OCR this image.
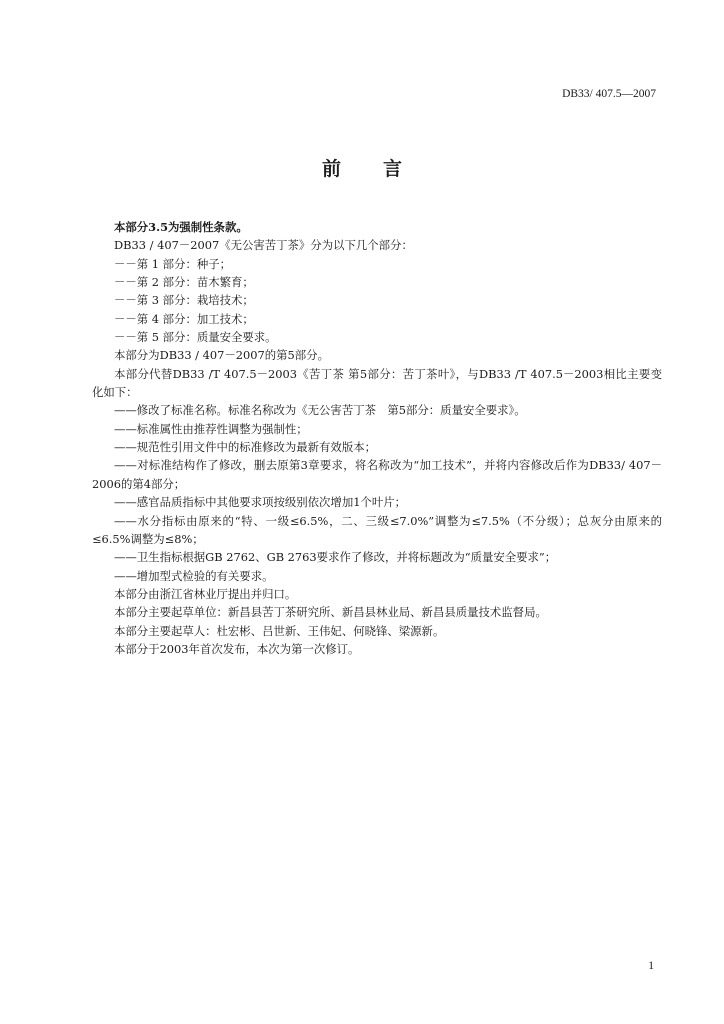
DB33/ 407.5—2007
前言

本部分3.5为强制性条款。

DB33 / 407－2007《无公害苦丁茶》分为以下几个部分：

－－第 1 部分：种子；

－－第 2 部分：苗木繁育；

－－第 3 部分：栽培技术；

－－第 4 部分：加工技术；

－－第 5 部分：质量安全要求。

本部分为DB33 / 407－2007的第5部分。

本部分代替DB33 /T 407.5－2003《苦丁茶 第5部分：苦丁茶叶》，与DB33 /T 407.5－2003相比主要变化如下：

——修改了标准名称。标准名称改为《无公害苦丁茶　第5部分：质量安全要求》。

——标准属性由推荐性调整为强制性；

——规范性引用文件中的标准修改为最新有效版本；

——对标准结构作了修改，删去原第3章要求，将名称改为“加工技术”，并将内容修改后作为DB33/ 407－2006的第4部分；

——感官品质指标中其他要求项按级别依次增加1个叶片；

——水分指标由原来的“特、一级≤6.5%，二、三级≤7.0%”调整为≤7.5%（不分级）；总灰分由原来的≤6.5%调整为≤8%；

——卫生指标根据GB 2762、GB 2763要求作了修改，并将标题改为“质量安全要求”；

——增加型式检验的有关要求。

本部分由浙江省林业厅提出并归口。

本部分主要起草单位：新昌县苦丁茶研究所、新昌县林业局、新昌县质量技术监督局。

本部分主要起草人：杜宏彬、吕世新、王伟妃、何晓锋、梁源新。

本部分于2003年首次发布，本次为第一次修订。

1
